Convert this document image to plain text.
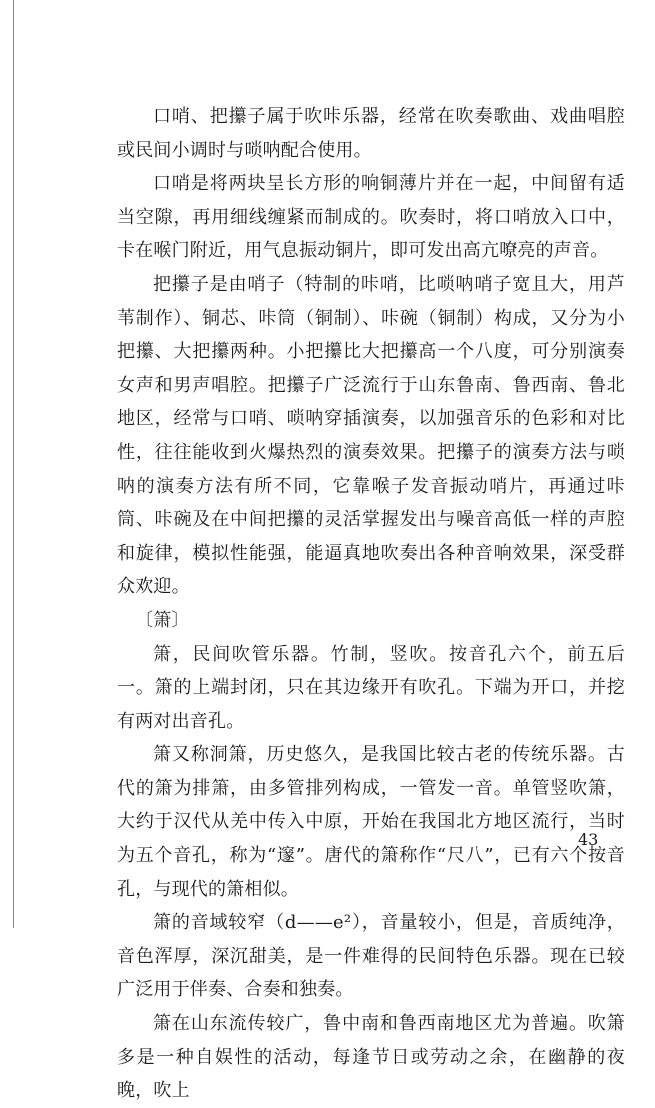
口哨、把攥子属于吹咔乐器，经常在吹奏歌曲、戏曲唱腔或民间小调时与唢呐配合使用。

口哨是将两块呈长方形的响铜薄片并在一起，中间留有适当空隙，再用细线缠紧而制成的。吹奏时，将口哨放入口中，卡在喉门附近，用气息振动铜片，即可发出高亢嘹亮的声音。

把攥子是由哨子（特制的咔哨，比唢呐哨子宽且大，用芦苇制作）、铜芯、咔筒（铜制）、咔碗（铜制）构成，又分为小把攥、大把攥两种。小把攥比大把攥高一个八度，可分别演奏女声和男声唱腔。把攥子广泛流行于山东鲁南、鲁西南、鲁北地区，经常与口哨、唢呐穿插演奏，以加强音乐的色彩和对比性，往往能收到火爆热烈的演奏效果。把攥子的演奏方法与唢呐的演奏方法有所不同，它靠喉子发音振动哨片，再通过咔筒、咔碗及在中间把攥的灵活掌握发出与噪音高低一样的声腔和旋律，模拟性能强，能逼真地吹奏出各种音响效果，深受群众欢迎。

〔箫〕

箫，民间吹管乐器。竹制，竖吹。按音孔六个，前五后一。箫的上端封闭，只在其边缘开有吹孔。下端为开口，并挖有两对出音孔。

箫又称洞箫，历史悠久，是我国比较古老的传统乐器。古代的箫为排箫，由多管排列构成，一管发一音。单管竖吹箫，大约于汉代从羌中传入中原，开始在我国北方地区流行，当时为五个音孔，称为“邃”。唐代的箫称作“尺八”，已有六个按音孔，与现代的箫相似。

箫的音域较窄（d——e²），音量较小，但是，音质纯净，音色浑厚，深沉甜美，是一件难得的民间特色乐器。现在已较广泛用于伴奏、合奏和独奏。

箫在山东流传较广，鲁中南和鲁西南地区尤为普遍。吹箫多是一种自娱性的活动，每逢节日或劳动之余，在幽静的夜晚，吹上

43
